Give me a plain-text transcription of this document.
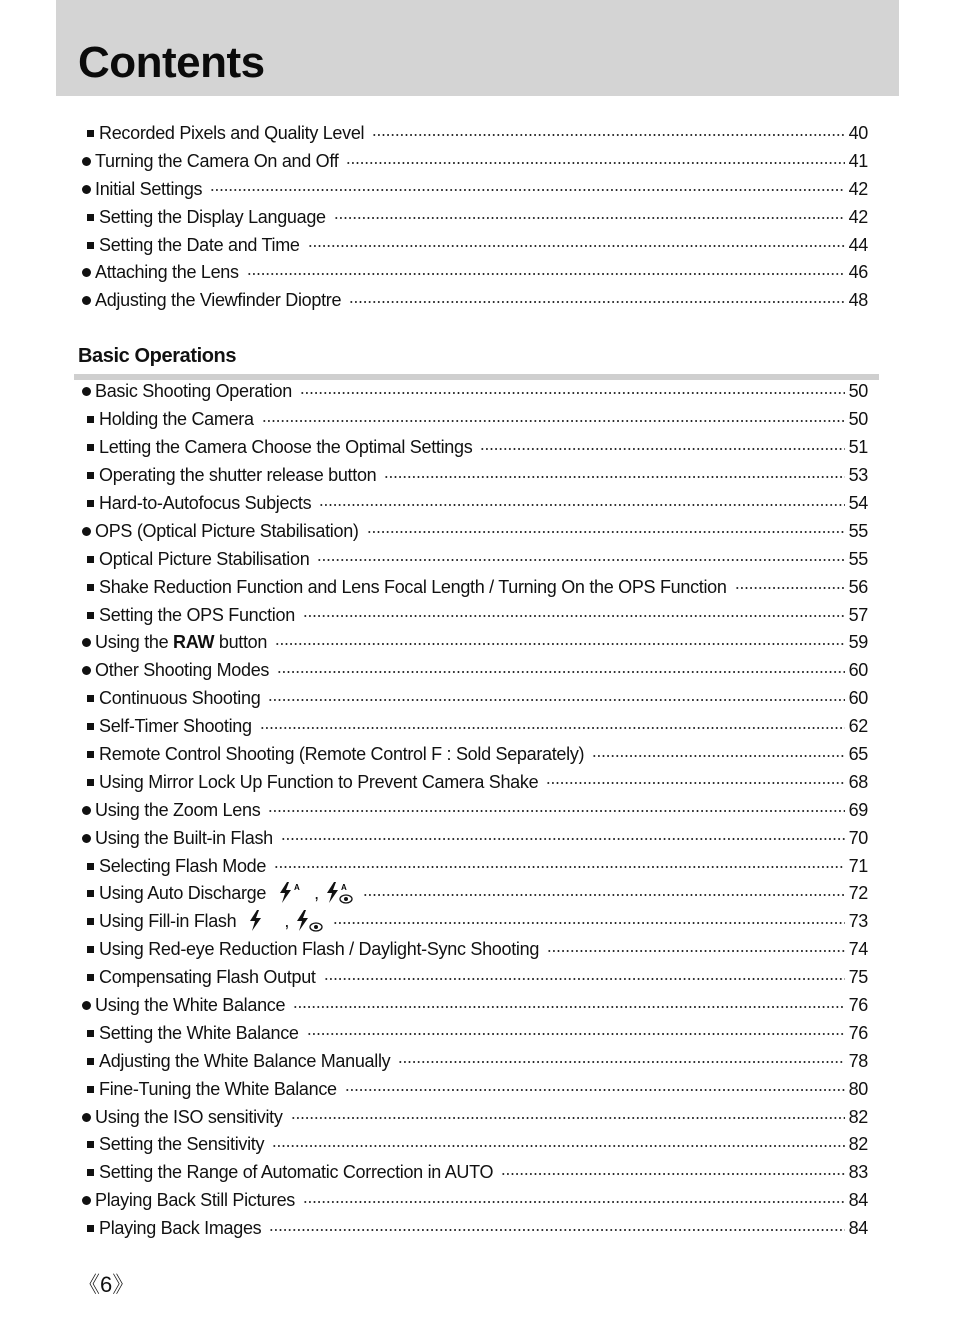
Contents
Recorded Pixels and Quality Level	40
Turning the Camera On and Off	41
Initial Settings	42
Setting the Display Language	42
Setting the Date and Time	44
Attaching the Lens	46
Adjusting the Viewfinder Dioptre	48
Basic Operations
Basic Shooting Operation	50
Holding the Camera	50
Letting the Camera Choose the Optimal Settings	51
Operating the shutter release button	53
Hard-to-Autofocus Subjects	54
OPS (Optical Picture Stabilisation)	55
Optical Picture Stabilisation	55
Shake Reduction Function and Lens Focal Length / Turning On the OPS Function	56
Setting the OPS Function	57
Using the RAW button	59
Other Shooting Modes	60
Continuous Shooting	60
Self-Timer Shooting	62
Remote Control Shooting (Remote Control F : Sold Separately)	65
Using Mirror Lock Up Function to Prevent Camera Shake	68
Using the Zoom Lens	69
Using the Built-in Flash	70
Selecting Flash Mode	71
Using Auto Discharge	A ,	A	72
Using Fill-in Flash	,	73
Using Red-eye Reduction Flash / Daylight-Sync Shooting	74
Compensating Flash Output	75
Using the White Balance	76
Setting the White Balance	76
Adjusting the White Balance Manually	78
Fine-Tuning the White Balance	80
Using the ISO sensitivity	82
Setting the Sensitivity	82
Setting the Range of Automatic Correction in AUTO	83
Playing Back Still Pictures	84
Playing Back Images	84
《6》
